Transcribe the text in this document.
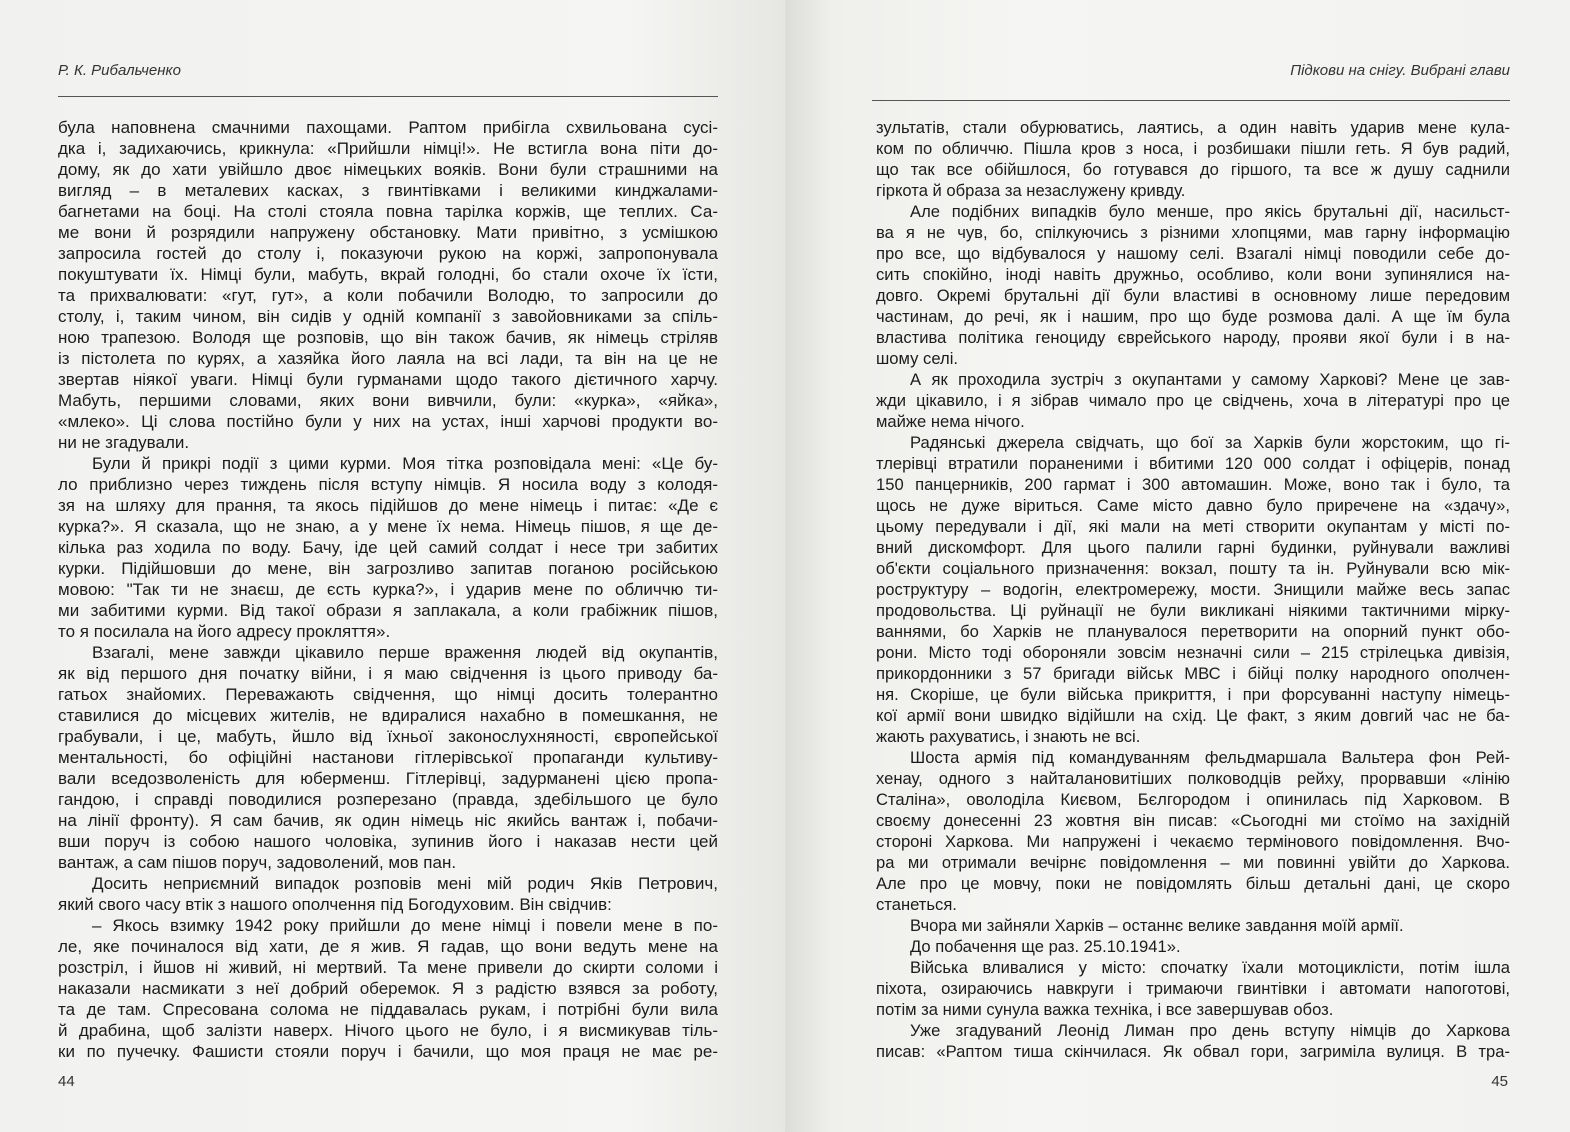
Р. К. Рибальченко
була наповнена смачними пахощами. Раптом прибігла схвильована сусі-
дка і, задихаючись, крикнула: «Прийшли німці!». Не встигла вона піти до-
дому, як до хати увійшло двоє німецьких вояків. Вони були страшними на
вигляд – в металевих касках, з гвинтівками і великими кинджалами-
багнетами на боці. На столі стояла повна тарілка коржів, ще теплих. Са-
ме вони й розрядили напружену обстановку. Мати привітно, з усмішкою
запросила гостей до столу і, показуючи рукою на коржі, запропонувала
покуштувати їх. Німці були, мабуть, вкрай голодні, бо стали охоче їх їсти,
та прихвалювати: «гут, гут», а коли побачили Володю, то запросили до
столу, і, таким чином, він сидів у одній компанії з завойовниками за спіль-
ною трапезою. Володя ще розповів, що він також бачив, як німець стріляв
із пістолета по курях, а хазяйка його лаяла на всі лади, та він на це не
звертав ніякої уваги. Німці були гурманами щодо такого дієтичного харчу.
Мабуть, першими словами, яких вони вивчили, були: «курка», «яйка»,
«млеко». Ці слова постійно були у них на устах, інші харчові продукти во-
ни не згадували.
Були й прикрі події з цими курми. Моя тітка розповідала мені: «Це бу-
ло приблизно через тиждень після вступу німців. Я носила воду з колодя-
зя на шляху для прання, та якось підійшов до мене німець і питає: «Де є
курка?». Я сказала, що не знаю, а у мене їх нема. Німець пішов, я ще де-
кілька раз ходила по воду. Бачу, іде цей самий солдат і несе три забитих
курки. Підійшовши до мене, він загрозливо запитав поганою російською
мовою: "Так ти не знаєш, де єсть курка?», і ударив мене по обличчю ти-
ми забитими курми. Від такої образи я заплакала, а коли грабіжник пішов,
то я посилала на його адресу прокляття».
Взагалі, мене завжди цікавило перше враження людей від окупантів,
як від першого дня початку війни, і я маю свідчення із цього приводу ба-
гатьох знайомих. Переважають свідчення, що німці досить толерантно
ставилися до місцевих жителів, не вдиралися нахабно в помешкання, не
грабували, і це, мабуть, йшло від їхньої законослухняності, європейської
ментальності, бо офіційні настанови гітлерівської пропаганди культиву-
вали вседозволеність для юберменш. Гітлерівці, задурманені цією пропа-
гандою, і справді поводилися розперезано (правда, здебільшого це було
на лінії фронту). Я сам бачив, як один німець ніс якийсь вантаж і, побачи-
вши поруч із собою нашого чоловіка, зупинив його і наказав нести цей
вантаж, а сам пішов поруч, задоволений, мов пан.
Досить неприємний випадок розповів мені мій родич Яків Петрович,
який свого часу втік з нашого ополчення під Богодуховим. Він свідчив:
– Якось взимку 1942 року прийшли до мене німці і повели мене в по-
ле, яке починалося від хати, де я жив. Я гадав, що вони ведуть мене на
розстріл, і йшов ні живий, ні мертвий. Та мене привели до скирти соломи і
наказали насмикати з неї добрий оберемок. Я з радістю взявся за роботу,
та де там. Спресована солома не піддавалась рукам, і потрібні були вила
й драбина, щоб залізти наверх. Нічого цього не було, і я висмикував тіль-
ки по пучечку. Фашисти стояли поруч і бачили, що моя праця не має ре-
44
Підкови на снігу. Вибрані глави
зультатів, стали обурюватись, лаятись, а один навіть ударив мене кула-
ком по обличчю. Пішла кров з носа, і розбишаки пішли геть. Я був радий,
що так все обійшлося, бо готувався до гіршого, та все ж душу саднили
гіркота й образа за незаслужену кривду.
Але подібних випадків було менше, про якісь брутальні дії, насильст-
ва я не чув, бо, спілкуючись з різними хлопцями, мав гарну інформацію
про все, що відбувалося у нашому селі. Взагалі німці поводили себе до-
сить спокійно, іноді навіть дружньо, особливо, коли вони зупинялися на-
довго. Окремі брутальні дії були властиві в основному лише передовим
частинам, до речі, як і нашим, про що буде розмова далі. А ще їм була
властива політика геноциду єврейського народу, прояви якої були і в на-
шому селі.
А як проходила зустріч з окупантами у самому Харкові? Мене це зав-
жди цікавило, і я зібрав чимало про це свідчень, хоча в літературі про це
майже нема нічого.
Радянські джерела свідчать, що бої за Харків були жорстоким, що гі-
тлерівці втратили пораненими і вбитими 120 000 солдат і офіцерів, понад
150 панцерників, 200 гармат і 300 автомашин. Може, воно так і було, та
щось не дуже віриться. Саме місто давно було приречене на «здачу»,
цьому передували і дії, які мали на меті створити окупантам у місті по-
вний дискомфорт. Для цього палили гарні будинки, руйнували важливі
об'єкти соціального призначення: вокзал, пошту та ін. Руйнували всю мік-
роструктуру – водогін, електромережу, мости. Знищили майже весь запас
продовольства. Ці руйнації не були викликані ніякими тактичними мірку-
ваннями, бо Харків не планувалося перетворити на опорний пункт обо-
рони. Місто тоді обороняли зовсім незначні сили – 215 стрілецька дивізія,
прикордонники з 57 бригади військ МВС і бійці полку народного ополчен-
ня. Скоріше, це були війська прикриття, і при форсуванні наступу німець-
кої армії вони швидко відійшли на схід. Це факт, з яким довгий час не ба-
жають рахуватись, і знають не всі.
Шоста армія під командуванням фельдмаршала Вальтера фон Рей-
хенау, одного з найталановитіших полководців рейху, прорвавши «лінію
Сталіна», оволоділа Києвом, Бєлгородом і опинилась під Харковом. В
своєму донесенні 23 жовтня він писав: «Сьогодні ми стоїмо на західній
стороні Харкова. Ми напружені і чекаємо термінового повідомлення. Вчо-
ра ми отримали вечірнє повідомлення – ми повинні увійти до Харкова.
Але про це мовчу, поки не повідомлять більш детальні дані, це скоро
станеться.
Вчора ми зайняли Харків – останнє велике завдання моїй армії.
До побачення ще раз. 25.10.1941».
Війська вливалися у місто: спочатку їхали мотоциклісти, потім ішла
піхота, озираючись навкруги і тримаючи гвинтівки і автомати напоготові,
потім за ними сунула важка техніка, і все завершував обоз.
Уже згадуваний Леонід Лиман про день вступу німців до Харкова
писав: «Раптом тиша скінчилася. Як обвал гори, загриміла вулиця. В тра-
45
